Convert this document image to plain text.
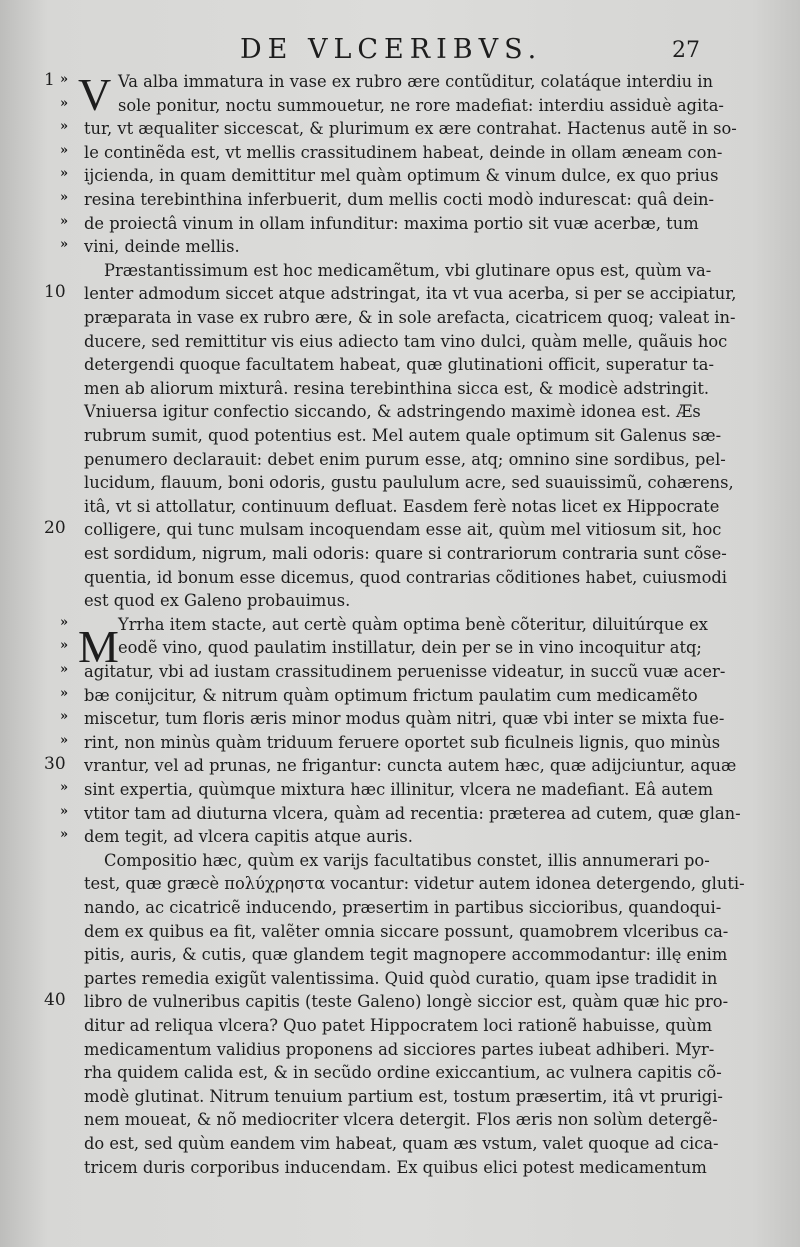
DE VLCERIBVS.	27
V
M
1 »	Va alba immatura in vase ex rubro ære contũditur, colatáque interdiu in
»	sole ponitur, noctu summouetur, ne rore madefiat: interdiu assiduè agita-
» tur, vt æqualiter siccescat, & plurimum ex ære contrahat. Hactenus autẽ in so-
» le continẽda est, vt mellis crassitudinem habeat, deinde in ollam æneam con-
» ijcienda, in quam demittitur mel quàm optimum & vinum dulce, ex quo prius
» resina terebinthina inferbuerit, dum mellis cocti modò indurescat: quâ dein-
» de proiectâ vinum in ollam infunditur: maxima portio sit vuæ acerbæ, tum
» vini, deinde mellis.
Præstantissimum est hoc medicamẽtum, vbi glutinare opus est, quùm va-
10 lenter admodum siccet atque adstringat, ita vt vua acerba, si per se accipiatur,
præparata in vase ex rubro ære, & in sole arefacta, cicatricem quoq; valeat in-
ducere, sed remittitur vis eius adiecto tam vino dulci, quàm melle, quãuis hoc
detergendi quoque facultatem habeat, quæ glutinationi officit, superatur ta-
men ab aliorum mixturâ. resina terebinthina sicca est, & modicè adstringit.
Vniuersa igitur confectio siccando, & adstringendo maximè idonea est. Æs
rubrum sumit, quod potentius est. Mel autem quale optimum sit Galenus sæ-
penumero declarauit: debet enim purum esse, atq; omnino sine sordibus, pel-
lucidum, flauum, boni odoris, gustu paululum acre, sed suauissimũ, cohærens,
itâ, vt si attollatur, continuum defluat. Easdem ferè notas licet ex Hippocrate
20 colligere, qui tunc mulsam incoquendam esse ait, quùm mel vitiosum sit, hoc
est sordidum, nigrum, mali odoris: quare si contrariorum contraria sunt cõse-
quentia, id bonum esse dicemus, quod contrarias cõditiones habet, cuiusmodi
est quod ex Galeno probauimus.
»	Yrrha item stacte, aut certè quàm optima benè cõteritur, diluitúrque ex
»	eodẽ vino, quod paulatim instillatur, dein per se in vino incoquitur atq;
» agitatur, vbi ad iustam crassitudinem peruenisse videatur, in succũ vuæ acer-
» bæ conijcitur, & nitrum quàm optimum frictum paulatim cum medicamẽto
» miscetur, tum floris æris minor modus quàm nitri, quæ vbi inter se mixta fue-
» rint, non minùs quàm triduum feruere oportet sub ficulneis lignis, quo minùs
30 vrantur, vel ad prunas, ne frigantur: cuncta autem hæc, quæ adijciuntur, aquæ
» sint expertia, quùmque mixtura hæc illinitur, vlcera ne madefiant. Eâ autem
» vtitor tam ad diuturna vlcera, quàm ad recentia: præterea ad cutem, quæ glan-
» dem tegit, ad vlcera capitis atque auris.
Compositio hæc, quùm ex varijs facultatibus constet, illis annumerari po-
test, quæ græcè πολύχρηστα vocantur: videtur autem idonea detergendo, gluti-
nando, ac cicatricẽ inducendo, præsertim in partibus siccioribus, quandoqui-
dem ex quibus ea fit, valẽter omnia siccare possunt, quamobrem vlceribus ca-
pitis, auris, & cutis, quæ glandem tegit magnopere accommodantur: illę enim
partes remedia exigũt valentissima. Quid quòd curatio, quam ipse tradidit in
40 libro de vulneribus capitis (teste Galeno) longè siccior est, quàm quæ hic pro-
ditur ad reliqua vlcera? Quo patet Hippocratem loci rationẽ habuisse, quùm
medicamentum validius proponens ad sicciores partes iubeat adhiberi. Myr-
rha quidem calida est, & in secũdo ordine exiccantium, ac vulnera capitis cõ-
modè glutinat. Nitrum tenuium partium est, tostum præsertim, itâ vt prurigi-
nem moueat, & nõ mediocriter vlcera detergit. Flos æris non solùm detergẽ-
do est, sed quùm eandem vim habeat, quam æs vstum, valet quoque ad cica-
tricem duris corporibus inducendam. Ex quibus elici potest medicamentum
